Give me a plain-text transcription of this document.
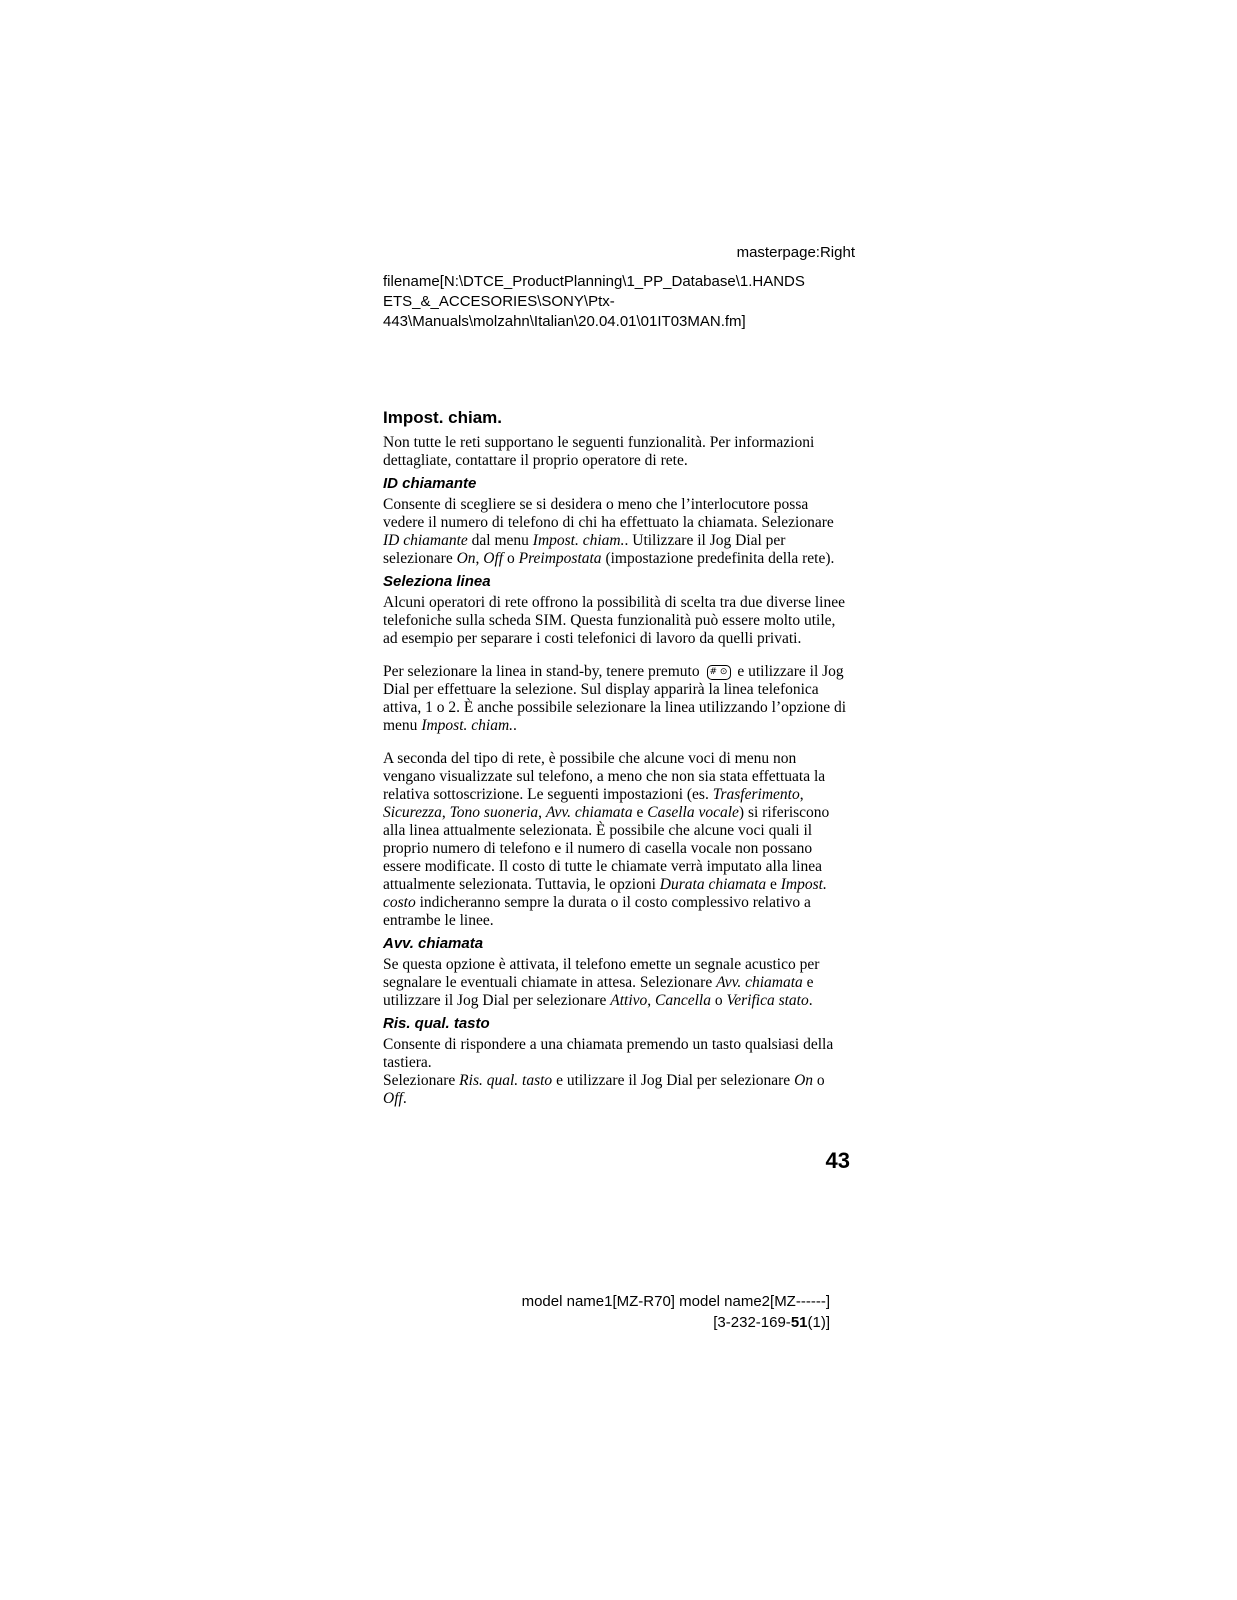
masterpage:Right
filename[N:\DTCE_ProductPlanning\1_PP_Database\1.HANDS
ETS_&_ACCESORIES\SONY\Ptx-
443\Manuals\molzahn\Italian\20.04.01\01IT03MAN.fm]
Impost. chiam.

Non tutte le reti supportano le seguenti funzionalità. Per informazioni dettagliate, contattare il proprio operatore di rete.

ID chiamante

Consente di scegliere se si desidera o meno che l’interlocutore possa vedere il numero di telefono di chi ha effettuato la chiamata. Selezionare ID chiamante dal menu Impost. chiam.. Utilizzare il Jog Dial per selezionare On, Off o Preimpostata (impostazione predefinita della rete).

Seleziona linea

Alcuni operatori di rete offrono la possibilità di scelta tra due diverse linee telefoniche sulla scheda SIM. Questa funzionalità può essere molto utile, ad esempio per separare i costi telefonici di lavoro da quelli privati.

Per selezionare la linea in stand-by, tenere premuto # ⊙ e utilizzare il Jog Dial per effettuare la selezione. Sul display apparirà la linea telefonica attiva, 1 o 2. È anche possibile selezionare la linea utilizzando l’opzione di menu Impost. chiam..

A seconda del tipo di rete, è possibile che alcune voci di menu non vengano visualizzate sul telefono, a meno che non sia stata effettuata la relativa sottoscrizione. Le seguenti impostazioni (es. Trasferimento, Sicurezza, Tono suoneria, Avv. chiamata e Casella vocale) si riferiscono alla linea attualmente selezionata. È possibile che alcune voci quali il proprio numero di telefono e il numero di casella vocale non possano essere modificate. Il costo di tutte le chiamate verrà imputato alla linea attualmente selezionata. Tuttavia, le opzioni Durata chiamata e Impost. costo indicheranno sempre la durata o il costo complessivo relativo a entrambe le linee.

Avv. chiamata

Se questa opzione è attivata, il telefono emette un segnale acustico per segnalare le eventuali chiamate in attesa. Selezionare Avv. chiamata e utilizzare il Jog Dial per selezionare Attivo, Cancella o Verifica stato.

Ris. qual. tasto

Consente di rispondere a una chiamata premendo un tasto qualsiasi della tastiera.

Selezionare Ris. qual. tasto e utilizzare il Jog Dial per selezionare On o Off.

43
model name1[MZ-R70] model name2[MZ------]
[3-232-169-51(1)]
